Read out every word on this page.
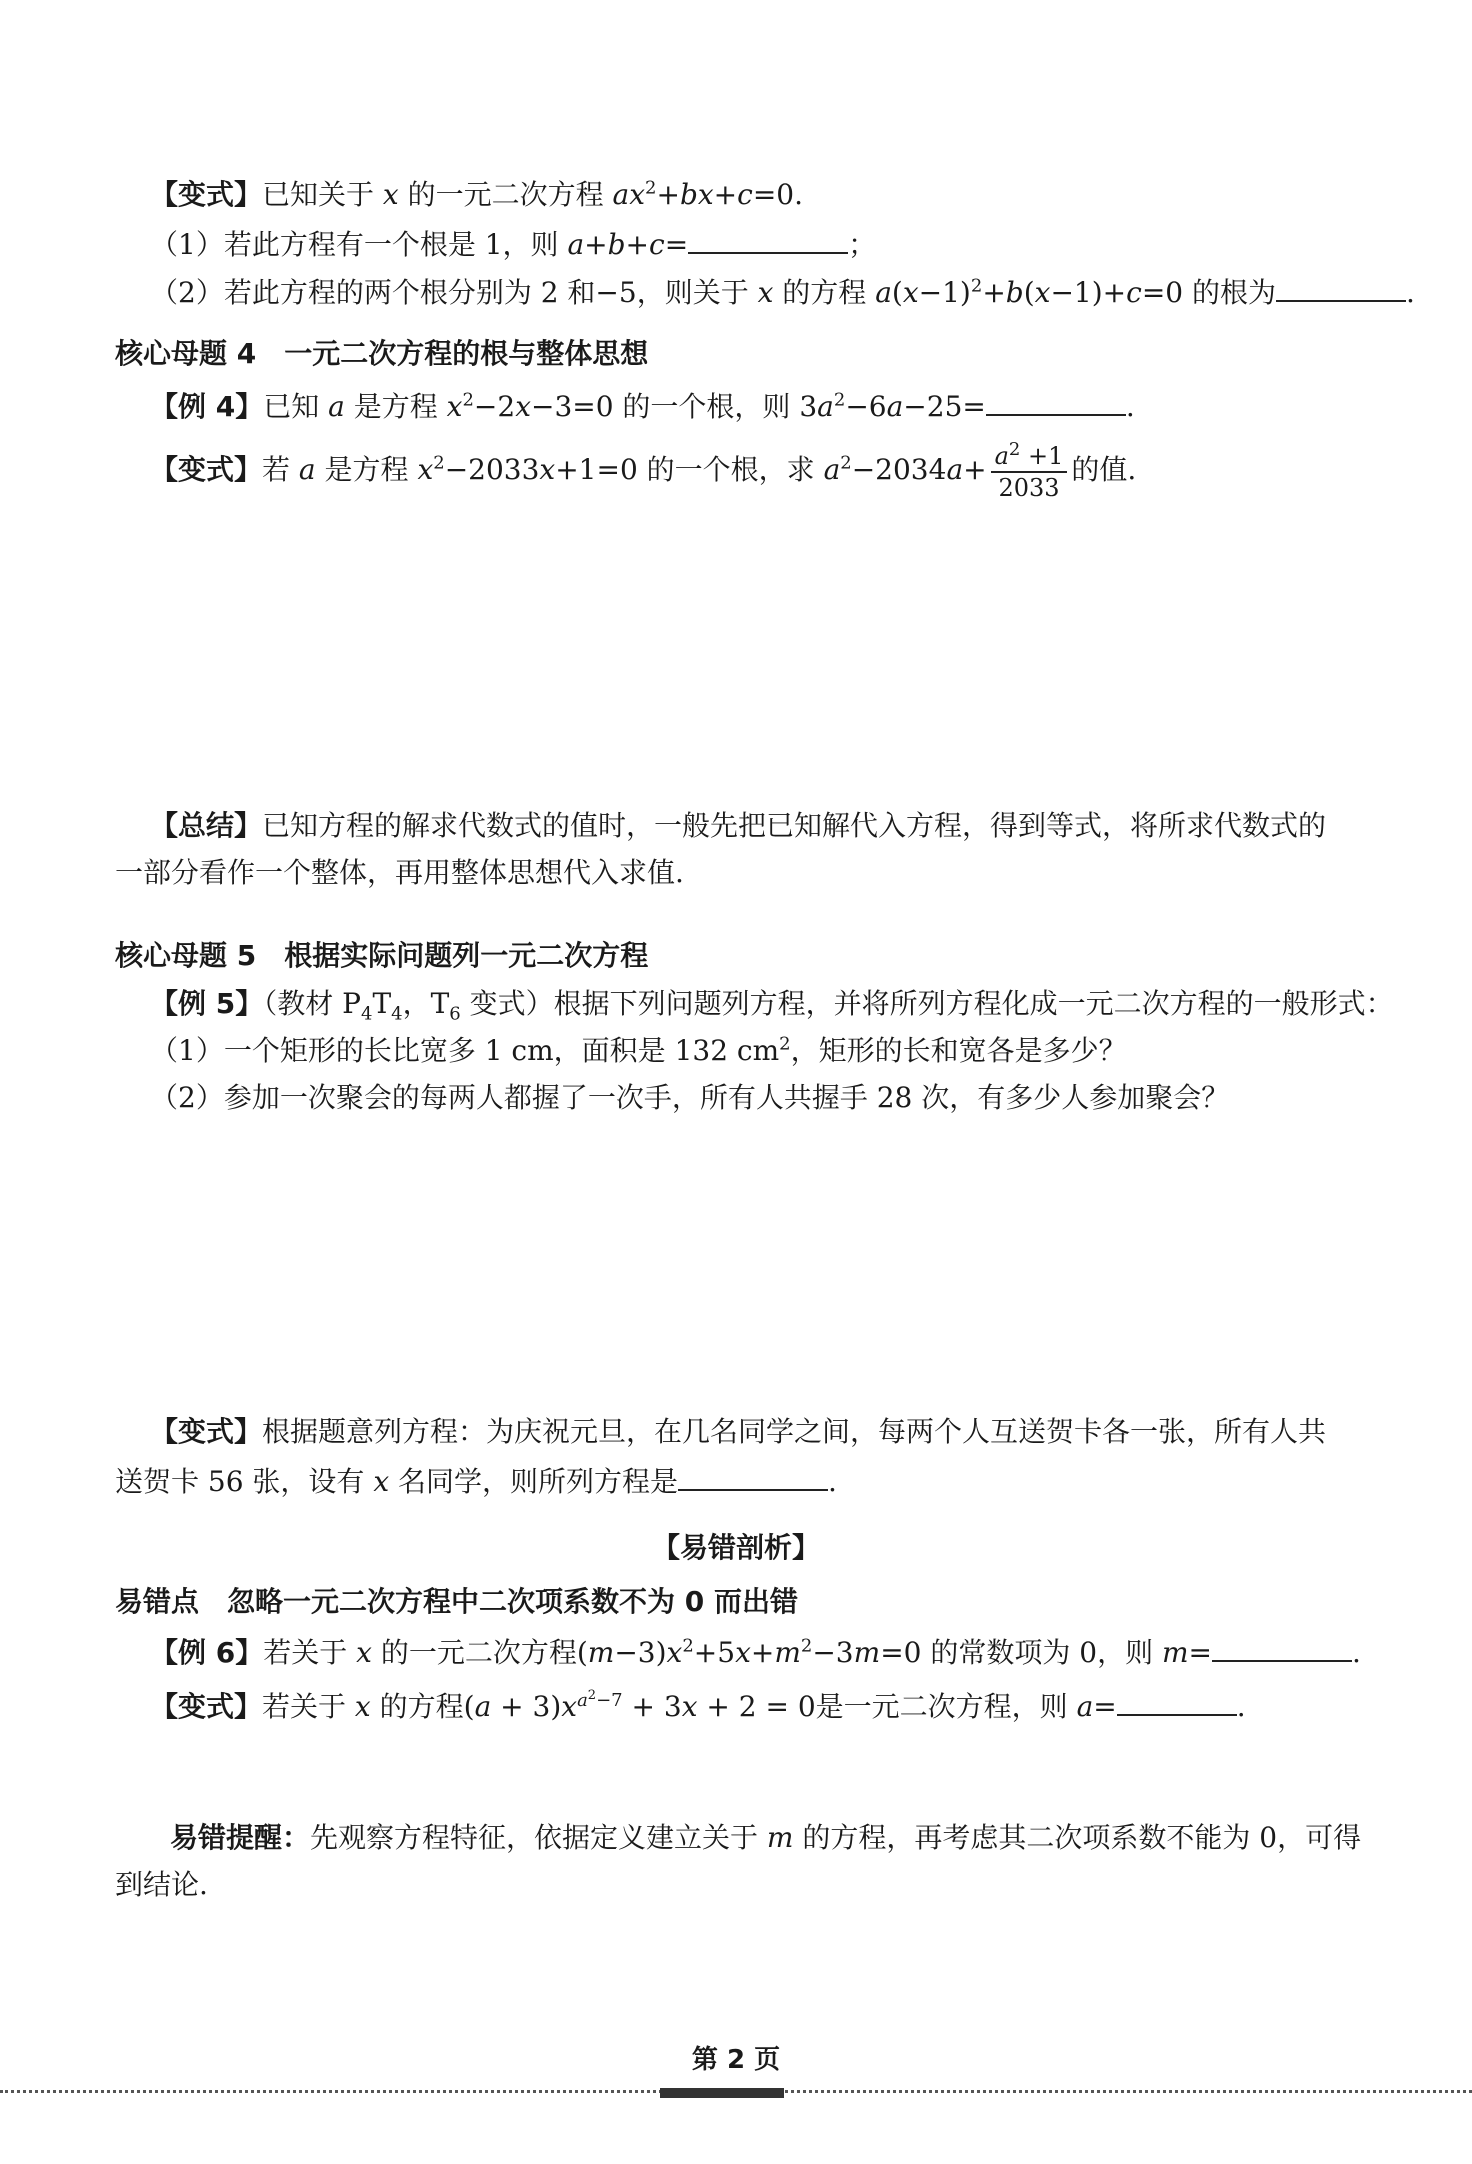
【变式】已知关于 x 的一元二次方程 $ax^2+bx+c=0$.
（1）若此方程有一个根是 1，则 a+b+c=	；
（2）若此方程的两个根分别为 2 和−5，则关于 x 的方程 $a(x-1)^2+b(x-1)+c=0$ 的根为	.
核心母题 4　一元二次方程的根与整体思想
【例 4】已知 a 是方程 $x^2-2x-3=0$ 的一个根，则 $3a^2-6a-25=$	.
【变式】若 a 是方程 $x^2-2033x+1=0$ 的一个根，求 $a^2-2034a+ \frac{a^2 +1}{2033}$ 的值.
【总结】已知方程的解求代数式的值时，一般先把已知解代入方程，得到等式，将所求代数式的
一部分看作一个整体，再用整体思想代入求值.
核心母题 5　根据实际问题列一元二次方程
【例 5】（教材 $P_4T_4$，$T_6$ 变式）根据下列问题列方程，并将所列方程化成一元二次方程的一般形式：
（1）一个矩形的长比宽多 1 cm，面积是 132 $cm^2$，矩形的长和宽各是多少？
（2）参加一次聚会的每两人都握了一次手，所有人共握手 28 次，有多少人参加聚会？
【变式】根据题意列方程：为庆祝元旦，在几名同学之间，每两个人互送贺卡各一张，所有人共
送贺卡 56 张，设有 x 名同学，则所列方程是	.
【易错剖析】
易错点　忽略一元二次方程中二次项系数不为 0 而出错
【例 6】若关于 x 的一元二次方程$(m-3)x^2+5x+m^2-3m=0$ 的常数项为 0，则 m=	.
【变式】若关于 x 的方程$(a + 3)x^{a^2-7} + 3x + 2 = 0$是一元二次方程，则 a=	.
易错提醒：先观察方程特征，依据定义建立关于 m 的方程，再考虑其二次项系数不能为 0，可得
到结论.
第 2 页
